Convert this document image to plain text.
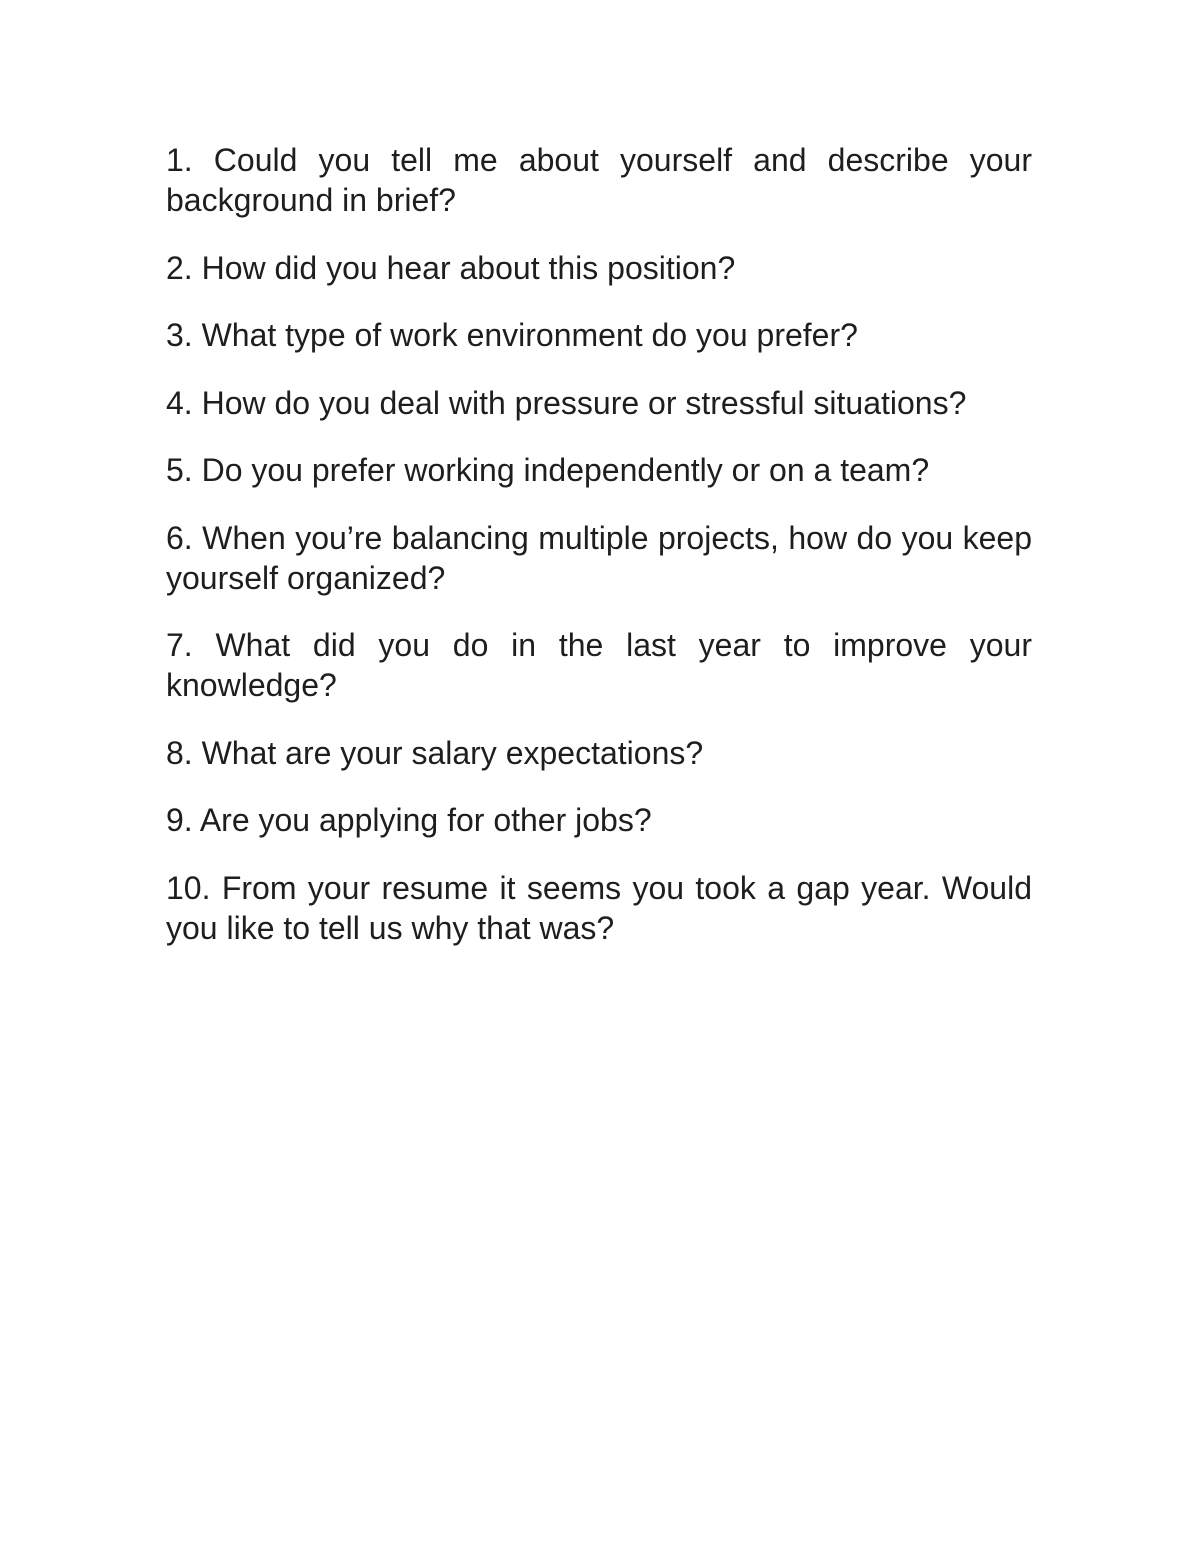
1. Could you tell me about yourself and describe your background in brief?
2. How did you hear about this position?
3. What type of work environment do you prefer?
4. How do you deal with pressure or stressful situations?
5. Do you prefer working independently or on a team?
6. When you’re balancing multiple projects, how do you keep yourself organized?
7. What did you do in the last year to improve your knowledge?
8. What are your salary expectations?
9. Are you applying for other jobs?
10. From your resume it seems you took a gap year. Would you like to tell us why that was?
